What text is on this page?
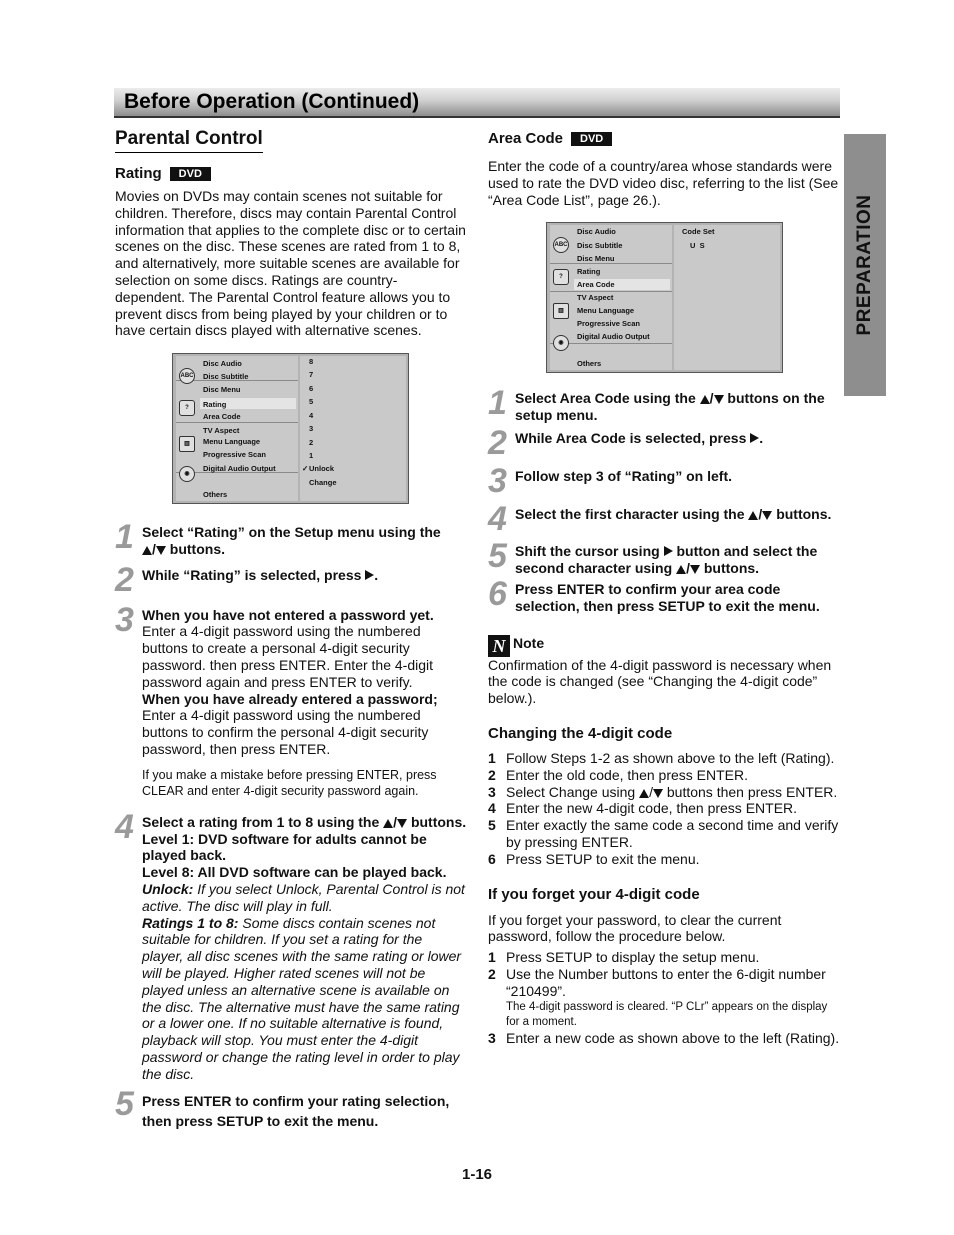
Before Operation (Continued)
PREPARATION
Parental Control
Rating	DVD

Movies on DVDs may contain scenes not suitable for children. Therefore, discs may contain Parental Control information that applies to the complete disc or to certain scenes on the disc. These scenes are rated from 1 to 8, and alternatively, more suitable scenes are available for selection on some discs. Ratings are country-dependent. The Parental Control feature allows you to prevent discs from being played by your children or to have certain discs played with alternative scenes.

ABC
?
▥
◉
Disc Audio
Disc Subtitle
Disc Menu
Rating
Area Code
TV Aspect
Menu Language
Progressive Scan
Digital Audio Output
Others
8
7
6
5
4
3
2
1
✓ Unlock
Change
1 Select “Rating” on the Setup menu using the
/ buttons.

2 While “Rating” is selected, press .

3 When you have not entered a password yet.

Enter a 4-digit password using the numbered buttons to create a personal 4-digit security password. then press ENTER. Enter the 4-digit password again and press ENTER to verify.

When you have already entered a password;

Enter a 4-digit password using the numbered buttons to confirm the personal 4-digit security password, then press ENTER.

If you make a mistake before pressing ENTER, press CLEAR and enter 4-digit security password again.

4 Select a rating from 1 to 8 using the / buttons.

Level 1: DVD software for adults cannot be played back.

Level 8: All DVD software can be played back.

Unlock: If you select Unlock, Parental Control is not active. The disc will play in full.

Ratings 1 to 8: Some discs contain scenes not suitable for children. If you set a rating for the player, all disc scenes with the same rating or lower will be played. Higher rated scenes will not be played unless an alternative scene is available on the disc. The alternative must have the same rating or a lower one. If no suitable alternative is found, playback will stop. You must enter the 4-digit password or change the rating level in order to play the disc.

5 Press ENTER to confirm your rating selection, then press SETUP to exit the menu.

Area Code	DVD

Enter the code of a country/area whose standards were used to rate the DVD video disc, referring to the list (See “Area Code List”, page 26.).

ABC
?
▥
◉
Disc Audio
Disc Subtitle
Disc Menu
Rating
Area Code
TV Aspect
Menu Language
Progressive Scan
Digital Audio Output
Others
Code Set
U  S
1 Select Area Code using the / buttons on the setup menu.

2 While Area Code is selected, press .

3 Follow step 3 of “Rating” on left.

4 Select the first character using the / buttons.

5 Shift the cursor using button and select the second character using / buttons.

6 Press ENTER to confirm your area code selection, then press SETUP to exit the menu.

N Note

Confirmation of the 4-digit password is necessary when the code is changed (see “Changing the 4-digit code” below.).

Changing the 4-digit code
1 Follow Steps 1-2 as shown above to the left (Rating).
2 Enter the old code, then press ENTER.
3 Select Change using / buttons then press ENTER.
4 Enter the new 4-digit code, then press ENTER.
5 Enter exactly the same code a second time and verify by pressing ENTER.
6 Press SETUP to exit the menu.
If you forget your 4-digit code

If you forget your password, to clear the current password, follow the procedure below.

1 Press SETUP to display the setup menu.
2 Use the Number buttons to enter the 6-digit number “210499”.
The 4-digit password is cleared. “P CLr” appears on the display for a moment.
3 Enter a new code as shown above to the left (Rating).
1-16
